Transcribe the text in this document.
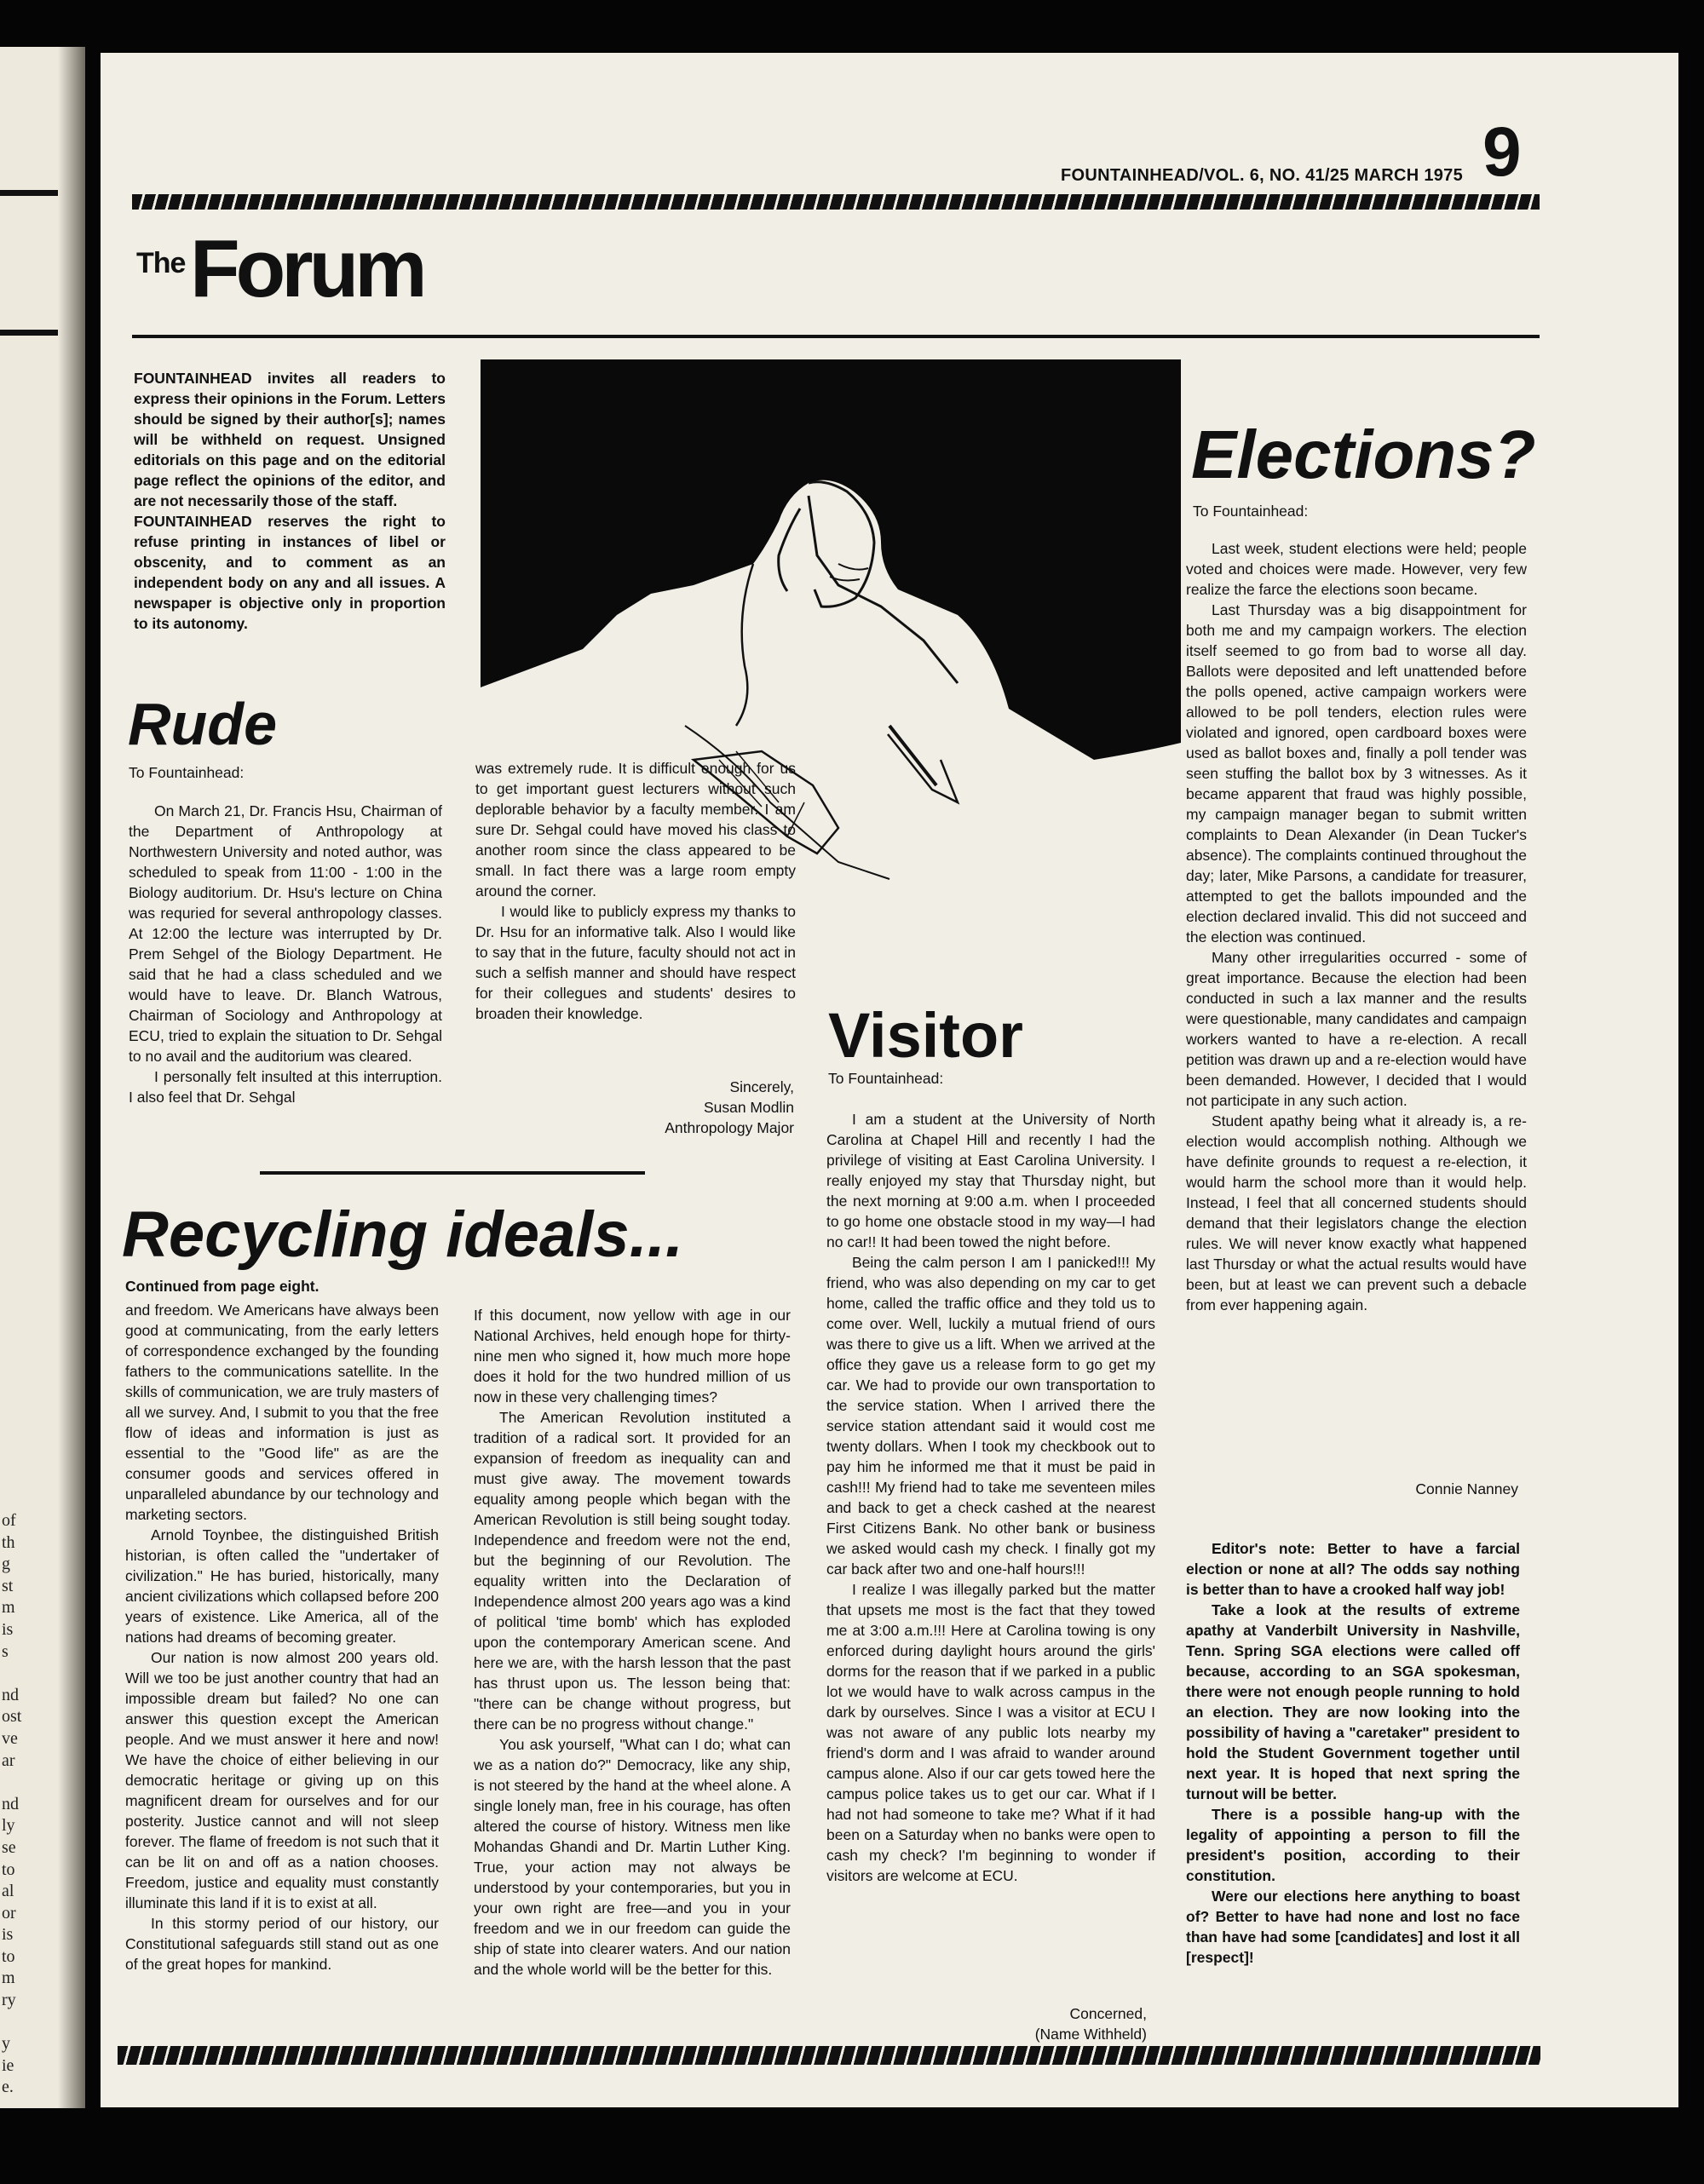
of
th
g
st
m
is
s

nd
ost
ve
ar

nd
ly
se
to
al
or
is
to
m
ry

y
ie
e.
FOUNTAINHEAD/VOL. 6, NO. 41/25 MARCH 1975 9
The Forum

FOUNTAINHEAD invites all readers to express their opinions in the Forum. Letters should be signed by their author[s]; names will be withheld on request. Unsigned editorials on this page and on the editorial page reflect the opinions of the editor, and are not necessarily those of the staff.

FOUNTAINHEAD reserves the right to refuse printing in instances of libel or obscenity, and to comment as an independent body on any and all issues. A newspaper is objective only in proportion to its autonomy.

Rude
To Fountainhead:

On March 21, Dr. Francis Hsu, Chairman of the Department of Anthropology at Northwestern University and noted author, was scheduled to speak from 11:00 - 1:00 in the Biology auditorium. Dr. Hsu's lecture on China was requried for several anthropology classes. At 12:00 the lecture was interrupted by Dr. Prem Sehgel of the Biology Department. He said that he had a class scheduled and we would have to leave. Dr. Blanch Watrous, Chairman of Sociology and Anthropology at ECU, tried to explain the situation to Dr. Sehgal to no avail and the auditorium was cleared.

I personally felt insulted at this interruption. I also feel that Dr. Sehgal

was extremely rude. It is difficult enough for us to get important guest lecturers without such deplorable behavior by a faculty member. I am sure Dr. Sehgal could have moved his class to another room since the class appeared to be small. In fact there was a large room empty around the corner.

I would like to publicly express my thanks to Dr. Hsu for an informative talk. Also I would like to say that in the future, faculty should not act in such a selfish manner and should have respect for their collegues and students' desires to broaden their knowledge.

Sincerely,
Susan Modlin
Anthropology Major
Recycling ideals...
Continued from page eight.

and freedom. We Americans have always been good at communicating, from the early letters of correspondence exchanged by the founding fathers to the communications satellite. In the skills of communication, we are truly masters of all we survey. And, I submit to you that the free flow of ideas and information is just as essential to the "Good life" as are the consumer goods and services offered in unparalleled abundance by our technology and marketing sectors.

Arnold Toynbee, the distinguished British historian, is often called the "undertaker of civilization." He has buried, historically, many ancient civilizations which collapsed before 200 years of existence. Like America, all of the nations had dreams of becoming greater.

Our nation is now almost 200 years old. Will we too be just another country that had an impossible dream but failed? No one can answer this question except the American people. And we must answer it here and now! We have the choice of either believing in our democratic heritage or giving up on this magnificent dream for ourselves and for our posterity. Justice cannot and will not sleep forever. The flame of freedom is not such that it can be lit on and off as a nation chooses. Freedom, justice and equality must constantly illuminate this land if it is to exist at all.

In this stormy period of our history, our Constitutional safeguards still stand out as one of the great hopes for mankind.

If this document, now yellow with age in our National Archives, held enough hope for thirty-nine men who signed it, how much more hope does it hold for the two hundred million of us now in these very challenging times?

The American Revolution instituted a tradition of a radical sort. It provided for an expansion of freedom as inequality can and must give away. The movement towards equality among people which began with the American Revolution is still being sought today. Independence and freedom were not the end, but the beginning of our Revolution. The equality written into the Declaration of Independence almost 200 years ago was a kind of political 'time bomb' which has exploded upon the contemporary American scene. And here we are, with the harsh lesson that the past has thrust upon us. The lesson being that: "there can be change without progress, but there can be no progress without change."

You ask yourself, "What can I do; what can we as a nation do?" Democracy, like any ship, is not steered by the hand at the wheel alone. A single lonely man, free in his courage, has often altered the course of history. Witness men like Mohandas Ghandi and Dr. Martin Luther King. True, your action may not always be understood by your contemporaries, but you in your own right are free—and you in your freedom and we in our freedom can guide the ship of state into clearer waters. And our nation and the whole world will be the better for this.

Visitor
To Fountainhead:

I am a student at the University of North Carolina at Chapel Hill and recently I had the privilege of visiting at East Carolina University. I really enjoyed my stay that Thursday night, but the next morning at 9:00 a.m. when I proceeded to go home one obstacle stood in my way—I had no car!! It had been towed the night before.

Being the calm person I am I panicked!!! My friend, who was also depending on my car to get home, called the traffic office and they told us to come over. Well, luckily a mutual friend of ours was there to give us a lift. When we arrived at the office they gave us a release form to go get my car. We had to provide our own transportation to the service station. When I arrived there the service station attendant said it would cost me twenty dollars. When I took my checkbook out to pay him he informed me that it must be paid in cash!!! My friend had to take me seventeen miles and back to get a check cashed at the nearest First Citizens Bank. No other bank or business we asked would cash my check. I finally got my car back after two and one-half hours!!!

I realize I was illegally parked but the matter that upsets me most is the fact that they towed me at 3:00 a.m.!!! Here at Carolina towing is ony enforced during daylight hours around the girls' dorms for the reason that if we parked in a public lot we would have to walk across campus in the dark by ourselves. Since I was a visitor at ECU I was not aware of any public lots nearby my friend's dorm and I was afraid to wander around campus alone. Also if our car gets towed here the campus police takes us to get our car. What if I had not had someone to take me? What if it had been on a Saturday when no banks were open to cash my check? I'm beginning to wonder if visitors are welcome at ECU.

Concerned,
(Name Withheld)
Elections?
To Fountainhead:

Last week, student elections were held; people voted and choices were made. However, very few realize the farce the elections soon became.

Last Thursday was a big disappointment for both me and my campaign workers. The election itself seemed to go from bad to worse all day. Ballots were deposited and left unattended before the polls opened, active campaign workers were allowed to be poll tenders, election rules were violated and ignored, open cardboard boxes were used as ballot boxes and, finally a poll tender was seen stuffing the ballot box by 3 witnesses. As it became apparent that fraud was highly possible, my campaign manager began to submit written complaints to Dean Alexander (in Dean Tucker's absence). The complaints continued throughout the day; later, Mike Parsons, a candidate for treasurer, attempted to get the ballots impounded and the election declared invalid. This did not succeed and the election was continued.

Many other irregularities occurred - some of great importance. Because the election had been conducted in such a lax manner and the results were questionable, many candidates and campaign workers wanted to have a re-election. A recall petition was drawn up and a re-election would have been demanded. However, I decided that I would not participate in any such action.

Student apathy being what it already is, a re-election would accomplish nothing. Although we have definite grounds to request a re-election, it would harm the school more than it would help. Instead, I feel that all concerned students should demand that their legislators change the election rules. We will never know exactly what happened last Thursday or what the actual results would have been, but at least we can prevent such a debacle from ever happening again.

Connie Nanney

Editor's note: Better to have a farcial election or none at all? The odds say nothing is better than to have a crooked half way job!

Take a look at the results of extreme apathy at Vanderbilt University in Nashville, Tenn. Spring SGA elections were called off because, according to an SGA spokesman, there were not enough people running to hold an election. They are now looking into the possibility of having a "caretaker" president to hold the Student Government together until next year. It is hoped that next spring the turnout will be better.

There is a possible hang-up with the legality of appointing a person to fill the president's position, according to their constitution.

Were our elections here anything to boast of? Better to have had none and lost no face than have had some [candidates] and lost it all [respect]!
